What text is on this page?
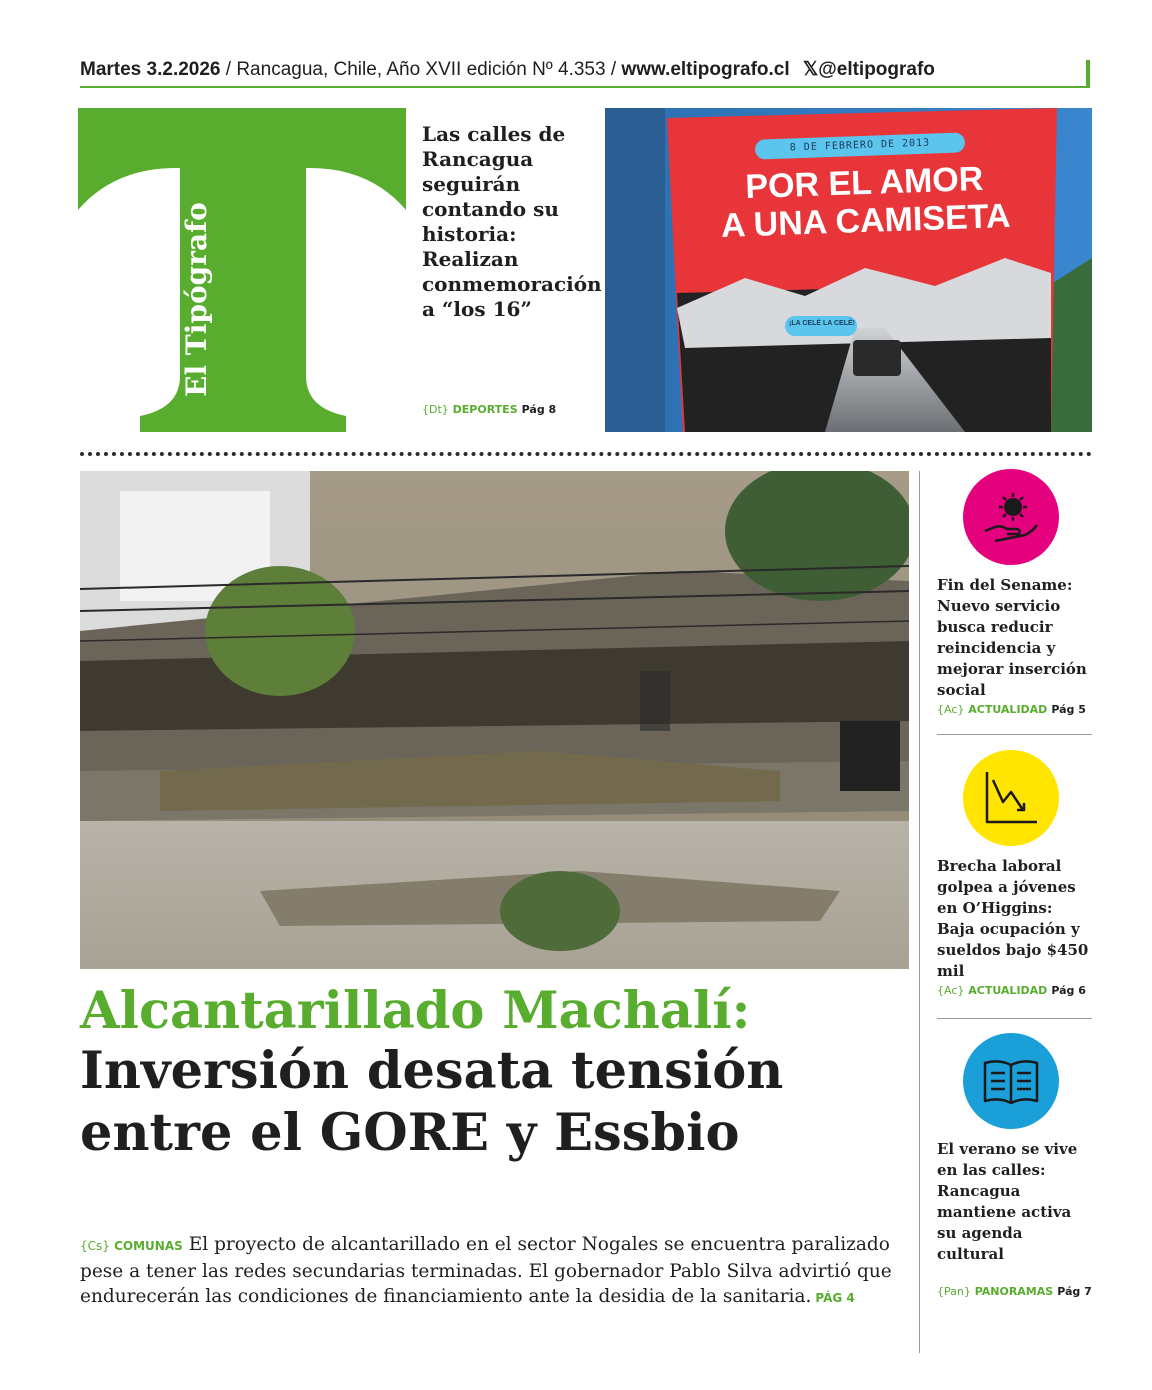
Martes 3.2.2026 / Rancagua, Chile, Año XVII edición Nº 4.353 / www.eltipografo.cl 𝕏@eltipografo
El Tipógrafo
Las calles de Rancagua seguirán contando su historia: Realizan conmemoración a “los 16”
{Dt} DEPORTES Pág 8
8 DE FEBRERO DE 2013
POR EL AMOR
A UNA CAMISETA
¡LA CELÉ LA CELÉ!
Alcantarillado Machalí:
Inversión desata tensión entre el GORE y Essbio
{Cs} COMUNAS El proyecto de alcantarillado en el sector Nogales se encuentra paralizado pese a tener las redes secundarias terminadas. El gobernador Pablo Silva advirtió que endurecerán las condiciones de financiamiento ante la desidia de la sanitaria. PÁG 4
Fin del Sename: Nuevo servicio busca reducir reincidencia y mejorar inserción social
{Ac} ACTUALIDAD Pág 5
Brecha laboral golpea a jóvenes en O’Higgins: Baja ocupación y sueldos bajo $450 mil
{Ac} ACTUALIDAD Pág 6
El verano se vive en las calles: Rancagua mantiene activa su agenda cultural
{Pan} PANORAMAS Pág 7
